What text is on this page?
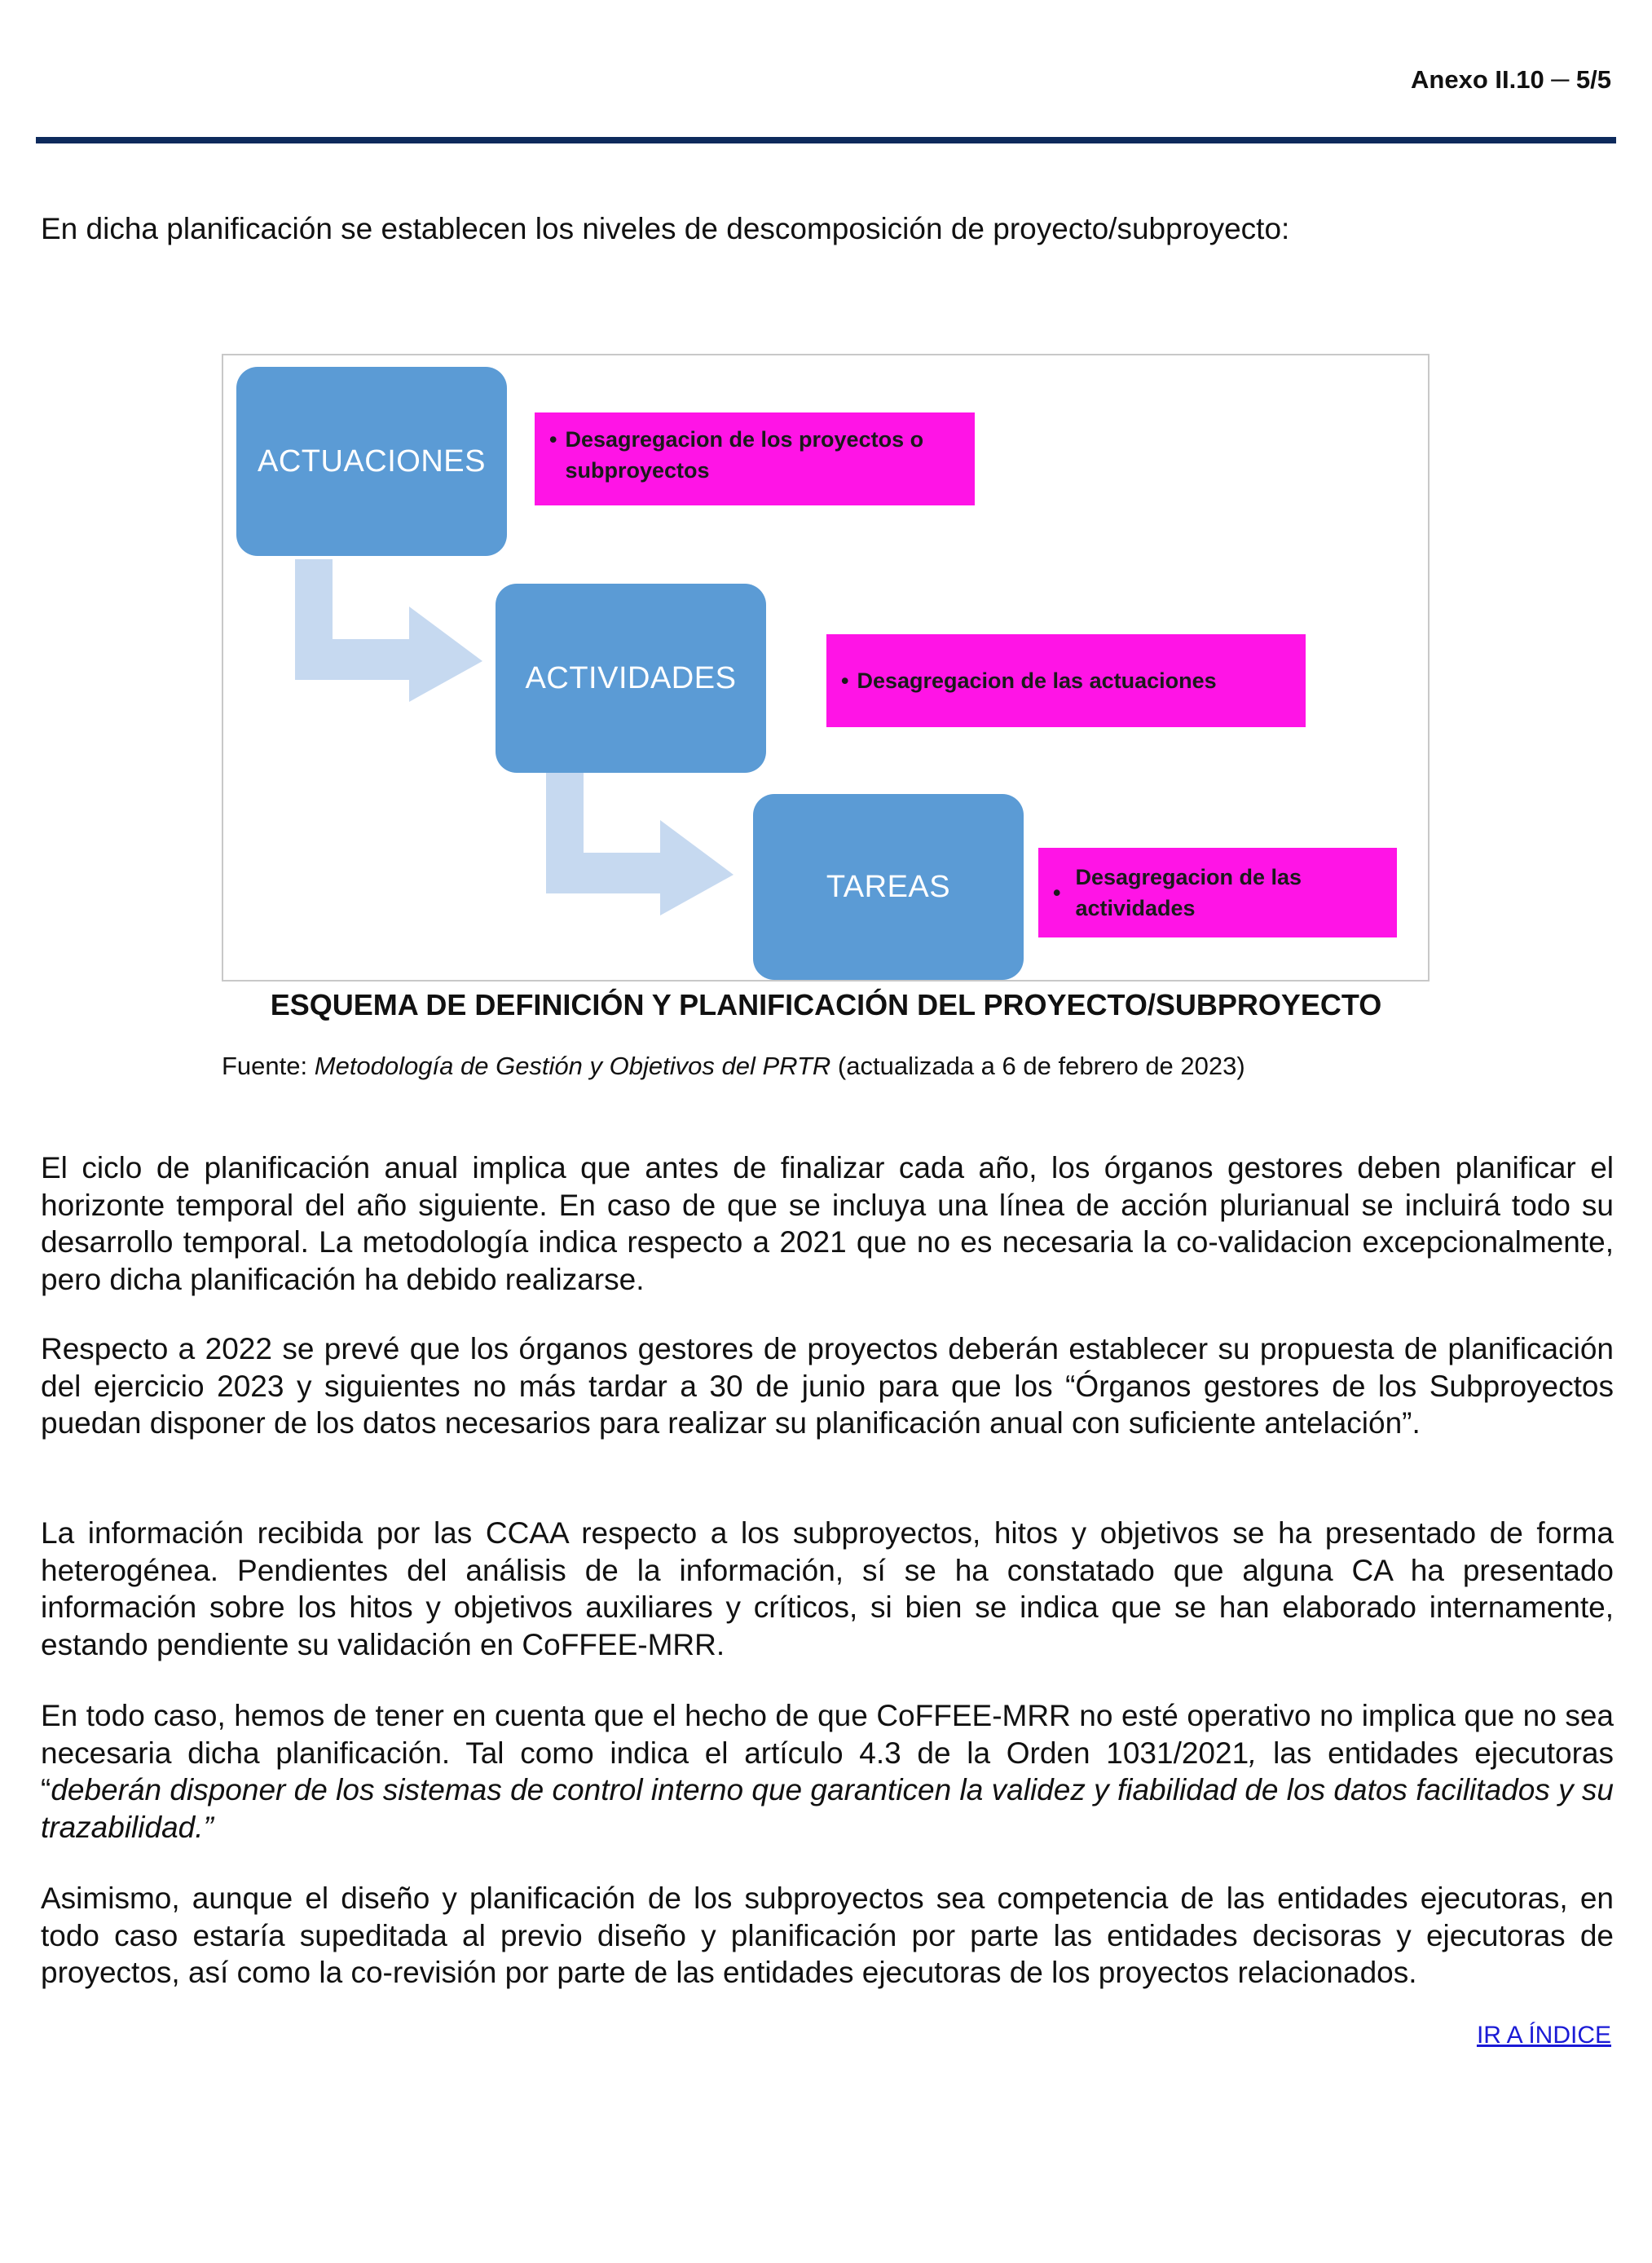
Anexo II.10 ─ 5/5

En dicha planificación se establecen los niveles de descomposición de proyecto/subproyecto:

ACTUACIONES
ACTIVIDADES
TAREAS
• Desagregacion de los proyectos o subproyectos
• Desagregacion de las actuaciones
•
Desagregacion de las actividades
ESQUEMA DE DEFINICIÓN Y PLANIFICACIÓN DEL PROYECTO/SUBPROYECTO
Fuente: Metodología de Gestión y Objetivos del PRTR (actualizada a 6 de febrero de 2023)

El ciclo de planificación anual implica que antes de finalizar cada año, los órganos gestores deben planificar el horizonte temporal del año siguiente. En caso de que se incluya una línea de acción plurianual se incluirá todo su desarrollo temporal. La metodología indica respecto a 2021 que no es necesaria la co-validacion excepcionalmente, pero dicha planificación ha debido realizarse.

Respecto a 2022 se prevé que los órganos gestores de proyectos deberán establecer su propuesta de planificación del ejercicio 2023 y siguientes no más tardar a 30 de junio para que los “Órganos gestores de los Subproyectos puedan disponer de los datos necesarios para realizar su planificación anual con suficiente antelación”.

La información recibida por las CCAA respecto a los subproyectos, hitos y objetivos se ha presentado de forma heterogénea. Pendientes del análisis de la información, sí se ha constatado que alguna CA ha presentado información sobre los hitos y objetivos auxiliares y críticos, si bien se indica que se han elaborado internamente, estando pendiente su validación en CoFFEE-MRR.

En todo caso, hemos de tener en cuenta que el hecho de que CoFFEE-MRR no esté operativo no implica que no sea necesaria dicha planificación. Tal como indica el artículo 4.3 de la Orden 1031/2021, las entidades ejecutoras “deberán disponer de los sistemas de control interno que garanticen la validez y fiabilidad de los datos facilitados y su trazabilidad.”

Asimismo, aunque el diseño y planificación de los subproyectos sea competencia de las entidades ejecutoras, en todo caso estaría supeditada al previo diseño y planificación por parte las entidades decisoras y ejecutoras de proyectos, así como la co-revisión por parte de las entidades ejecutoras de los proyectos relacionados.

IR A ÍNDICE
